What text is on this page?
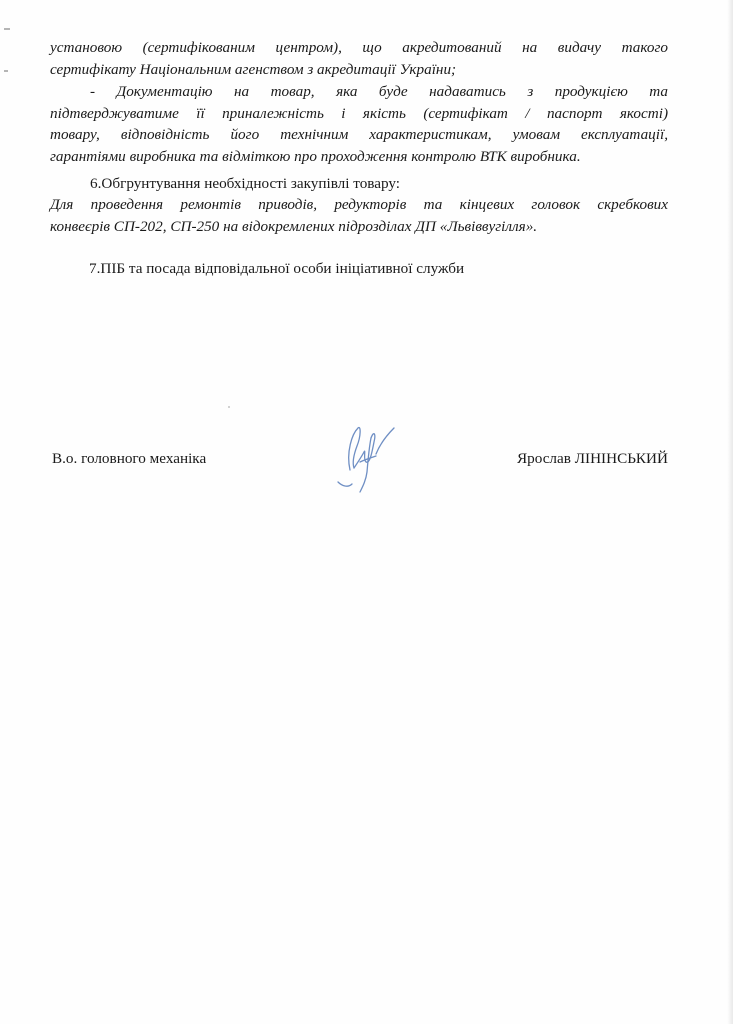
установою (сертифікованим центром), що акредитований на видачу такого
сертифікату Національним агенством з акредитації України;
- Документацію на товар, яка буде надаватись з продукцією та
підтверджуватиме її приналежність і якість (сертифікат / паспорт якості)
товару, відповідність його технічним характеристикам, умовам експлуатації,
гарантіями виробника та відміткою про проходження контролю ВТК виробника.
6.Обгрунтування необхідності закупівлі товару:
Для проведення ремонтів приводів, редукторів та кінцевих головок скребкових
конвеєрів СП-202, СП-250 на відокремлених підрозділах ДП «Львіввугілля».
7.ПІБ та посада відповідальної особи ініціативної служби
В.о. головного механіка	Ярослав ЛІНІНСЬКИЙ
